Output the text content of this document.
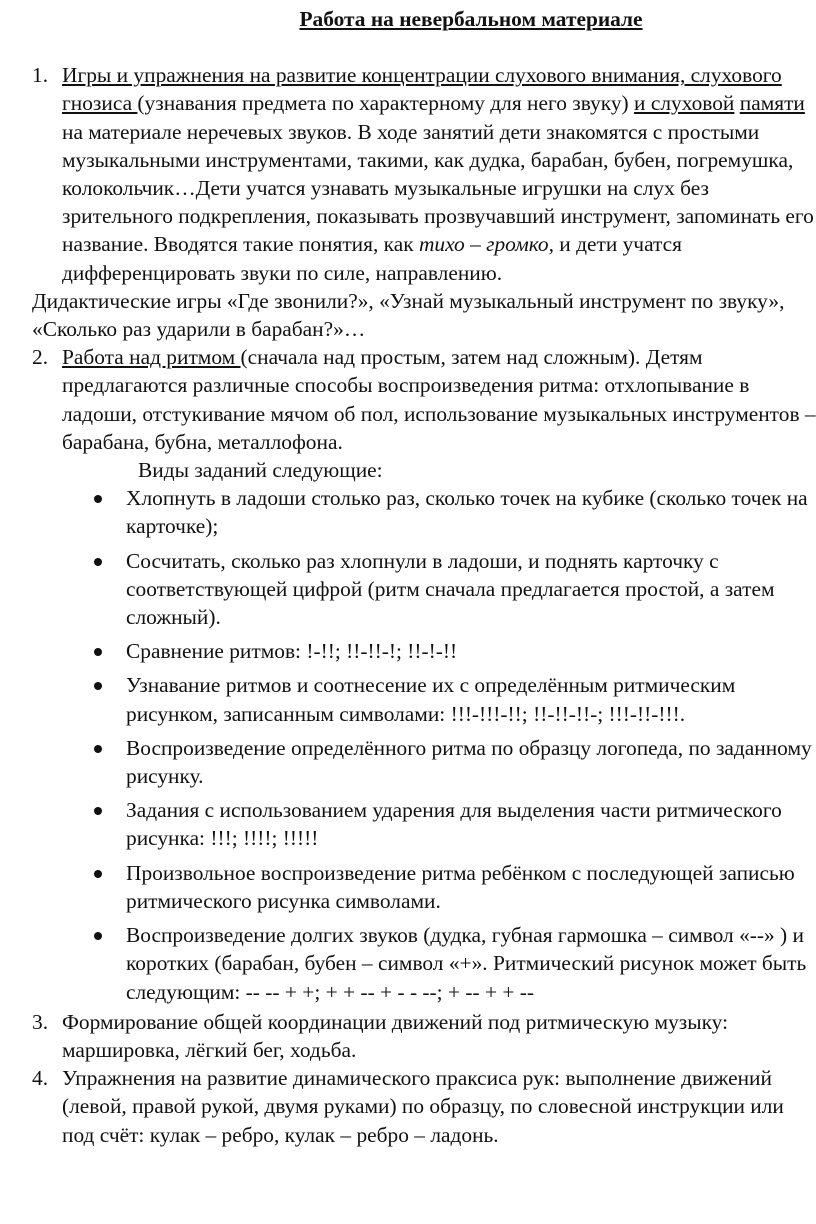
Работа на невербальном материале
1. Игры и упражнения на развитие концентрации слухового внимания, слухового гнозиса (узнавания предмета по характерному для него звуку) и слуховой памяти на материале неречевых звуков. В ходе занятий дети знакомятся с простыми музыкальными инструментами, такими, как дудка, барабан, бубен, погремушка, колокольчик…Дети учатся узнавать музыкальные игрушки на слух без зрительного подкрепления, показывать прозвучавший инструмент, запоминать его название. Вводятся такие понятия, как тихо – громко, и дети учатся дифференцировать звуки по силе, направлению.

Дидактические игры «Где звонили?», «Узнай музыкальный инструмент по звуку», «Сколько раз ударили в барабан?»…

2. Работа над ритмом (сначала над простым, затем над сложным). Детям предлагаются различные способы воспроизведения ритма: отхлопывание в ладоши, отстукивание мячом об пол, использование музыкальных инструментов – барабана, бубна, металлофона.
Виды заданий следующие:
Хлопнуть в ладоши столько раз, сколько точек на кубике (сколько точек на карточке);
Сосчитать, сколько раз хлопнули в ладоши, и поднять карточку с соответствующей цифрой (ритм сначала предлагается простой, а затем сложный).
Сравнение ритмов: !-!!; !!-!!-!; !!-!-!!
Узнавание ритмов и соотнесение их с определённым ритмическим рисунком, записанным символами: !!!-!!!-!!; !!-!!-!!-; !!!-!!-!!!.
Воспроизведение определённого ритма по образцу логопеда, по заданному рисунку.
Задания с использованием ударения для выделения части ритмического рисунка: !!!; !!!!; !!!!!
Произвольное воспроизведение ритма ребёнком с последующей записью ритмического рисунка символами.
Воспроизведение долгих звуков (дудка, губная гармошка – символ «--» ) и коротких (барабан, бубен – символ «+». Ритмический рисунок может быть следующим: -- -- + +; + + -- + - - --; + -- + + --
3. Формирование общей координации движений под ритмическую музыку: маршировка, лёгкий бег, ходьба.
4. Упражнения на развитие динамического праксиса рук: выполнение движений (левой, правой рукой, двумя руками) по образцу, по словесной инструкции или под счёт: кулак – ребро, кулак – ребро – ладонь.
